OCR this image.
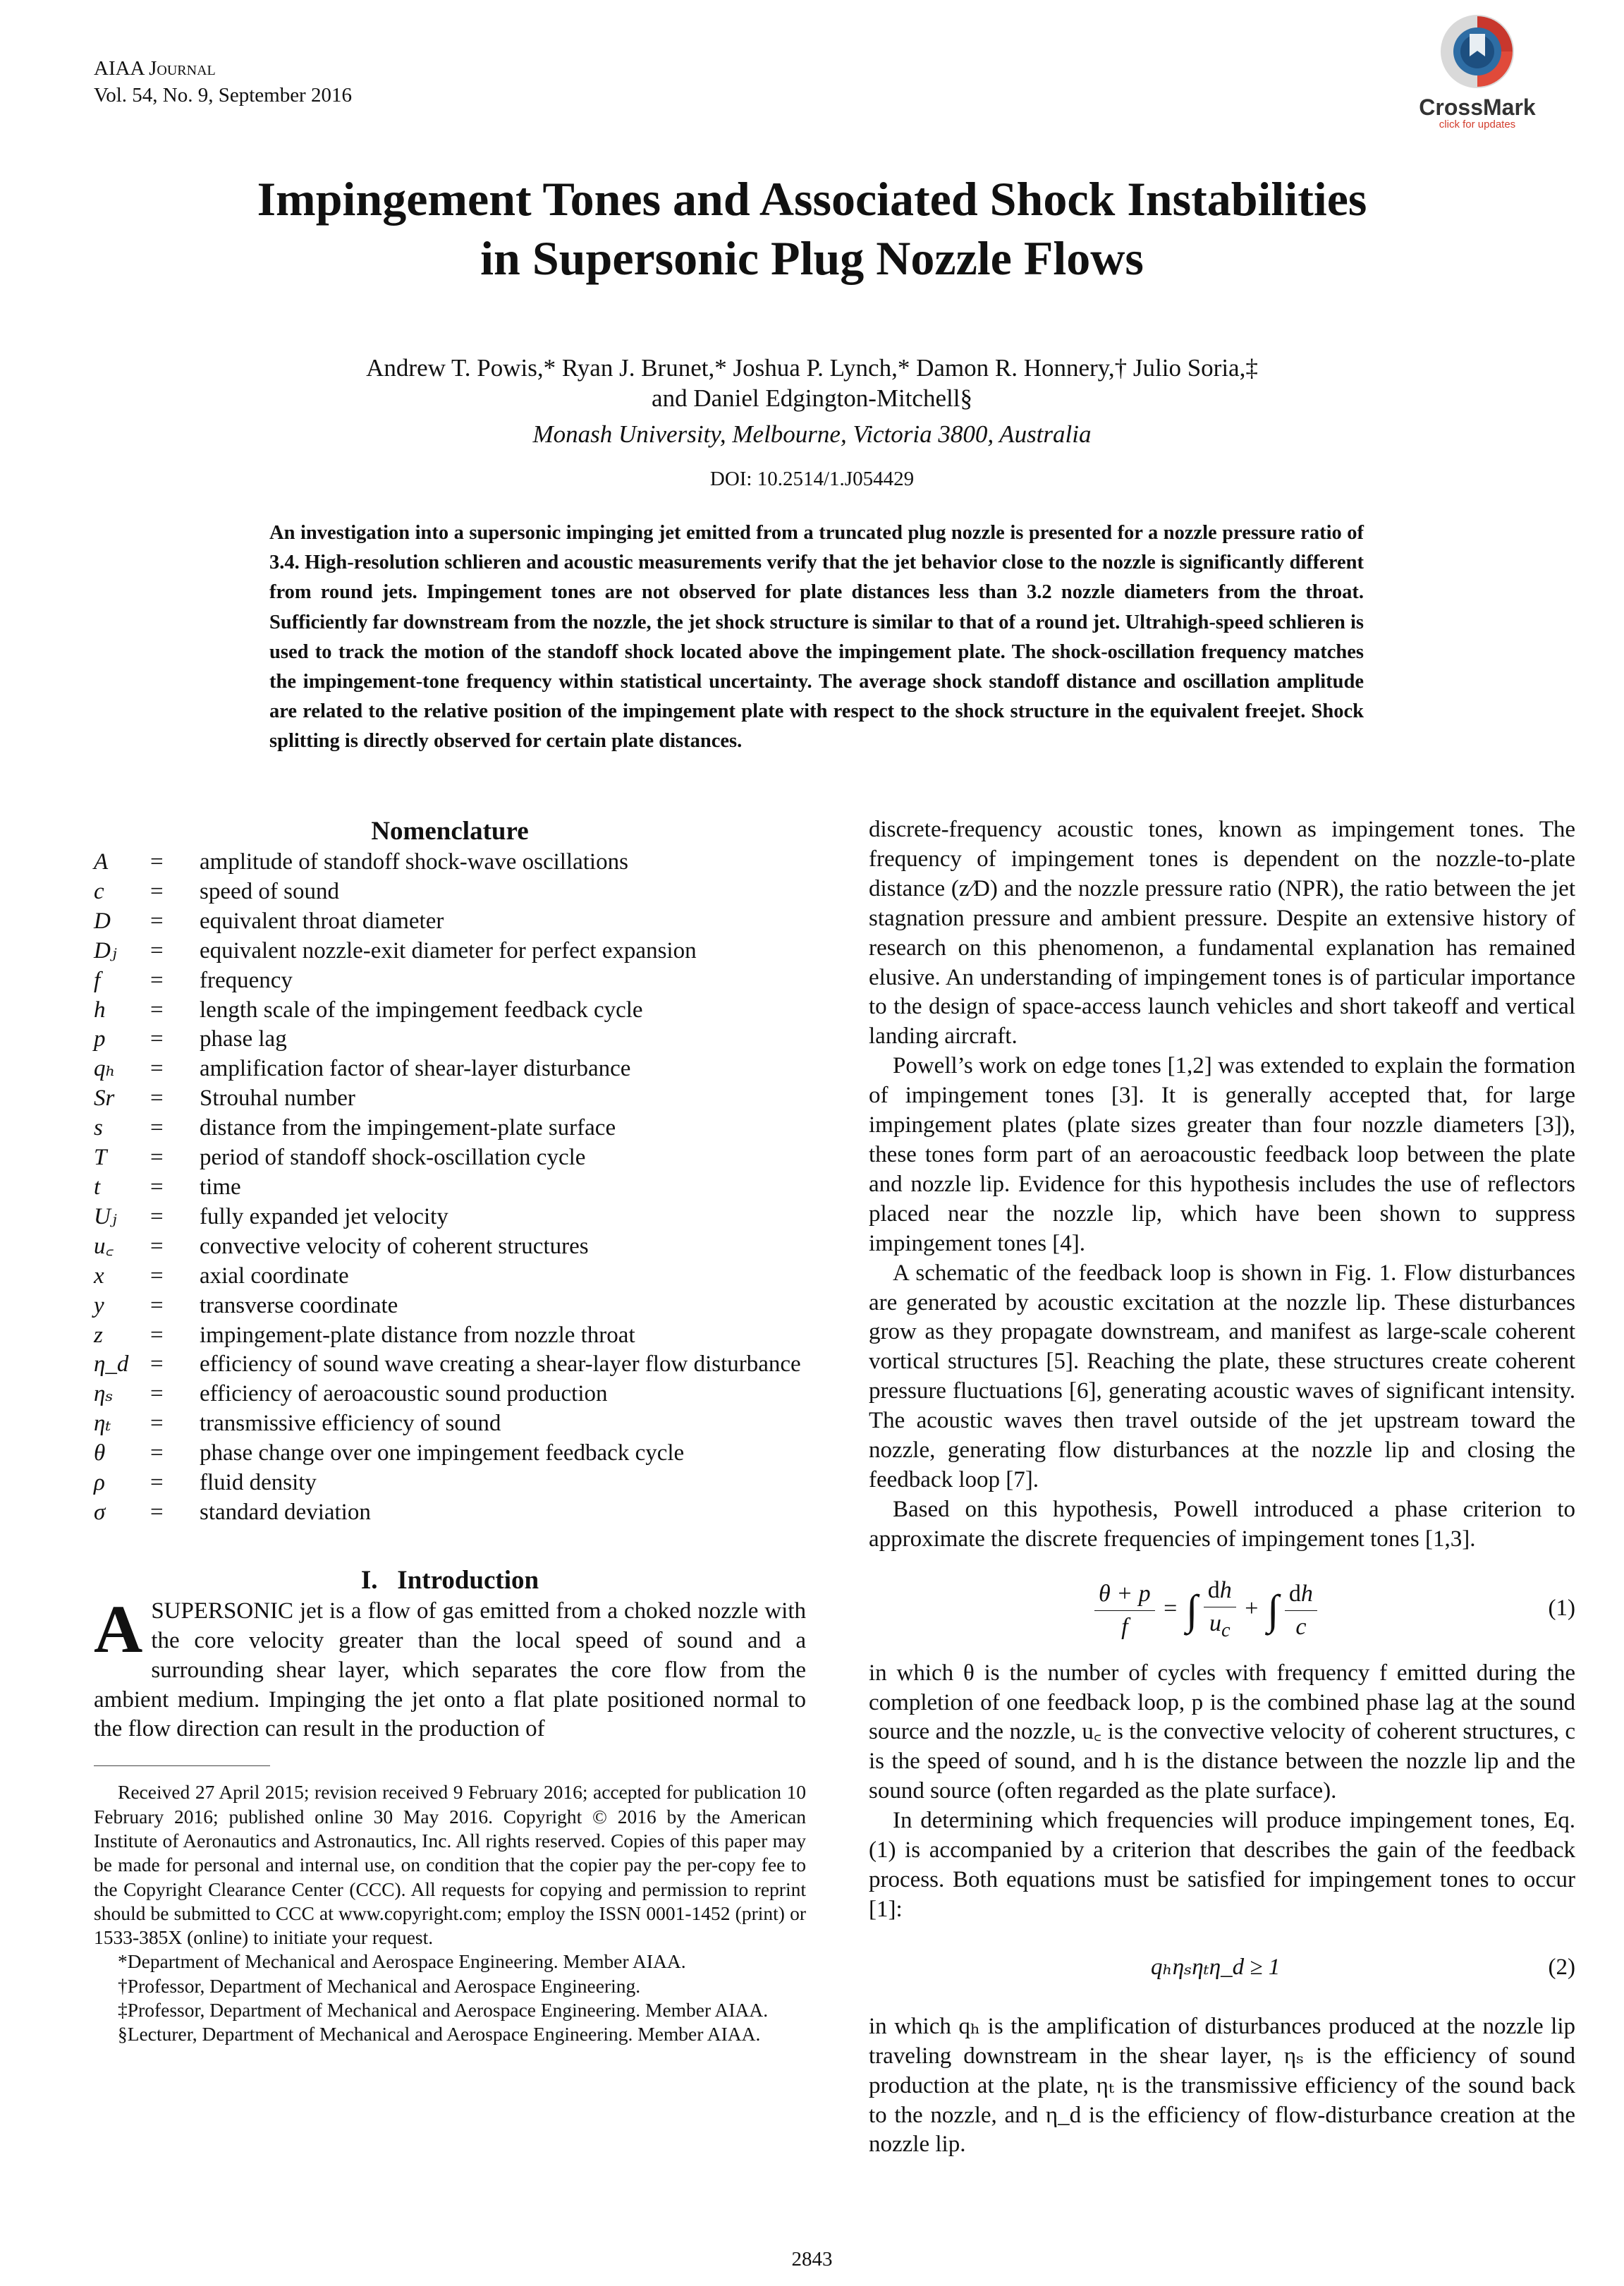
AIAA Journal
Vol. 54, No. 9, September 2016	CrossMark
click for updates
Impingement Tones and Associated Shock Instabilities
in Supersonic Plug Nozzle Flows
Andrew T. Powis,* Ryan J. Brunet,* Joshua P. Lynch,* Damon R. Honnery,† Julio Soria,‡
and Daniel Edgington-Mitchell§
Monash University, Melbourne, Victoria 3800, Australia
DOI: 10.2514/1.J054429
An investigation into a supersonic impinging jet emitted from a truncated plug nozzle is presented for a nozzle pressure ratio of 3.4. High-resolution schlieren and acoustic measurements verify that the jet behavior close to the nozzle is significantly different from round jets. Impingement tones are not observed for plate distances less than 3.2 nozzle diameters from the throat. Sufficiently far downstream from the nozzle, the jet shock structure is similar to that of a round jet. Ultrahigh-speed schlieren is used to track the motion of the standoff shock located above the impingement plate. The shock-oscillation frequency matches the impingement-tone frequency within statistical uncertainty. The average shock standoff distance and oscillation amplitude are related to the relative position of the impingement plate with respect to the shock structure in the equivalent freejet. Shock splitting is directly observed for certain plate distances.
Nomenclature
A	=	amplitude of standoff shock-wave oscillations
c	=	speed of sound
D	=	equivalent throat diameter
Dⱼ	=	equivalent nozzle-exit diameter for perfect expansion
f	=	frequency
h	=	length scale of the impingement feedback cycle
p	=	phase lag
qₕ	=	amplification factor of shear-layer disturbance
Sr	=	Strouhal number
s	=	distance from the impingement-plate surface
T	=	period of standoff shock-oscillation cycle
t	=	time
Uⱼ	=	fully expanded jet velocity
u꜀	=	convective velocity of coherent structures
x	=	axial coordinate
y	=	transverse coordinate
z	=	impingement-plate distance from nozzle throat
η_d	=	efficiency of sound wave creating a shear-layer flow disturbance
ηₛ	=	efficiency of aeroacoustic sound production
ηₜ	=	transmissive efficiency of sound
θ	=	phase change over one impingement feedback cycle
ρ	=	fluid density
σ	=	standard deviation
I.   Introduction

A SUPERSONIC jet is a flow of gas emitted from a choked nozzle with the core velocity greater than the local speed of sound and a surrounding shear layer, which separates the core flow from the ambient medium. Impinging the jet onto a flat plate positioned normal to the flow direction can result in the production of

Received 27 April 2015; revision received 9 February 2016; accepted for publication 10 February 2016; published online 30 May 2016. Copyright © 2016 by the American Institute of Aeronautics and Astronautics, Inc. All rights reserved. Copies of this paper may be made for personal and internal use, on condition that the copier pay the per-copy fee to the Copyright Clearance Center (CCC). All requests for copying and permission to reprint should be submitted to CCC at www.copyright.com; employ the ISSN 0001-1452 (print) or 1533-385X (online) to initiate your request.

*Department of Mechanical and Aerospace Engineering. Member AIAA.

†Professor, Department of Mechanical and Aerospace Engineering.

‡Professor, Department of Mechanical and Aerospace Engineering. Member AIAA.

§Lecturer, Department of Mechanical and Aerospace Engineering. Member AIAA.

discrete-frequency acoustic tones, known as impingement tones. The frequency of impingement tones is dependent on the nozzle-to-plate distance (z∕D) and the nozzle pressure ratio (NPR), the ratio between the jet stagnation pressure and ambient pressure. Despite an extensive history of research on this phenomenon, a fundamental explanation has remained elusive. An understanding of impingement tones is of particular importance to the design of space-access launch vehicles and short takeoff and vertical landing aircraft.

Powell’s work on edge tones [1,2] was extended to explain the formation of impingement tones [3]. It is generally accepted that, for large impingement plates (plate sizes greater than four nozzle diameters [3]), these tones form part of an aeroacoustic feedback loop between the plate and nozzle lip. Evidence for this hypothesis includes the use of reflectors placed near the nozzle lip, which have been shown to suppress impingement tones [4].

A schematic of the feedback loop is shown in Fig. 1. Flow disturbances are generated by acoustic excitation at the nozzle lip. These disturbances grow as they propagate downstream, and manifest as large-scale coherent vortical structures [5]. Reaching the plate, these structures create coherent pressure fluctuations [6], generating acoustic waves of significant intensity. The acoustic waves then travel outside of the jet upstream toward the nozzle, generating flow disturbances at the nozzle lip and closing the feedback loop [7].

Based on this hypothesis, Powell introduced a phase criterion to approximate the discrete frequencies of impingement tones [1,3].

$\frac{\theta + p}{f}$ = ∫ $\frac{dh}{u_c}$ + ∫ $\frac{dh}{c}$	(1)

in which θ is the number of cycles with frequency f emitted during the completion of one feedback loop, p is the combined phase lag at the sound source and the nozzle, u꜀ is the convective velocity of coherent structures, c is the speed of sound, and h is the distance between the nozzle lip and the sound source (often regarded as the plate surface).

In determining which frequencies will produce impingement tones, Eq. (1) is accompanied by a criterion that describes the gain of the feedback process. Both equations must be satisfied for impingement tones to occur [1]:

qₕηₛηₜη_d ≥ 1	(2)

in which qₕ is the amplification of disturbances produced at the nozzle lip traveling downstream in the shear layer, ηₛ is the efficiency of sound production at the plate, ηₜ is the transmissive efficiency of the sound back to the nozzle, and η_d is the efficiency of flow-disturbance creation at the nozzle lip.

2843
